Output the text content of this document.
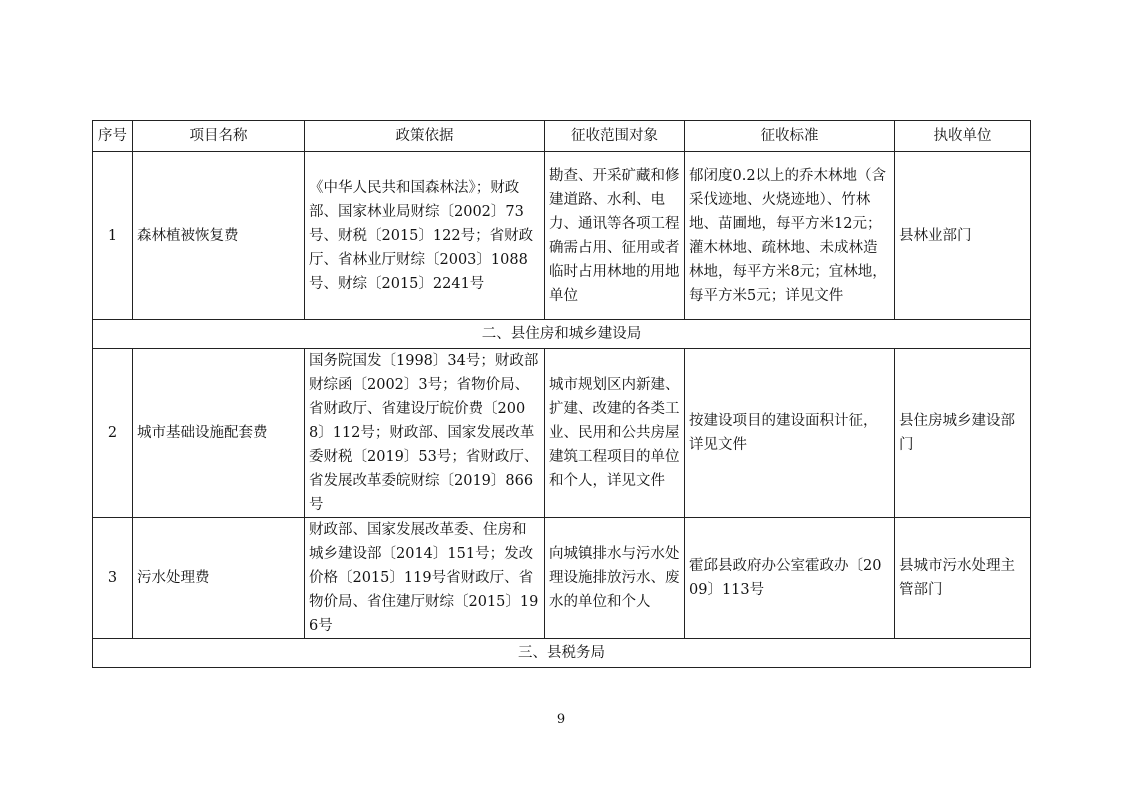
序号	项目名称	政策依据	征收范围对象	征收标准	执收单位
1	森林植被恢复费	《中华人民共和国森林法》；财政部、国家林业局财综〔2002〕73号、财税〔2015〕122号；省财政厅、省林业厅财综〔2003〕1088号、财综〔2015〕2241号	勘查、开采矿藏和修建道路、水利、电力、通讯等各项工程确需占用、征用或者临时占用林地的用地单位	郁闭度0.2以上的乔木林地（含采伐迹地、火烧迹地）、竹林地、苗圃地，每平方米12元；灌木林地、疏林地、未成林造林地，每平方米8元；宜林地，每平方米5元；详见文件	县林业部门
二、县住房和城乡建设局					
2	城市基础设施配套费	国务院国发〔1998〕34号；财政部财综函〔2002〕3号；省物价局、省财政厅、省建设厅皖价费〔2008〕112号；财政部、国家发展改革委财税〔2019〕53号；省财政厅、省发展改革委皖财综〔2019〕866号	城市规划区内新建、扩建、改建的各类工业、民用和公共房屋建筑工程项目的单位和个人，详见文件	按建设项目的建设面积计征，详见文件	县住房城乡建设部门
3	污水处理费	财政部、国家发展改革委、住房和城乡建设部〔2014〕151号；发改价格〔2015〕119号省财政厅、省物价局、省住建厅财综〔2015〕196号	向城镇排水与污水处理设施排放污水、废水的单位和个人	霍邱县政府办公室霍政办〔2009〕113号	县城市污水处理主管部门
三、县税务局					
9
